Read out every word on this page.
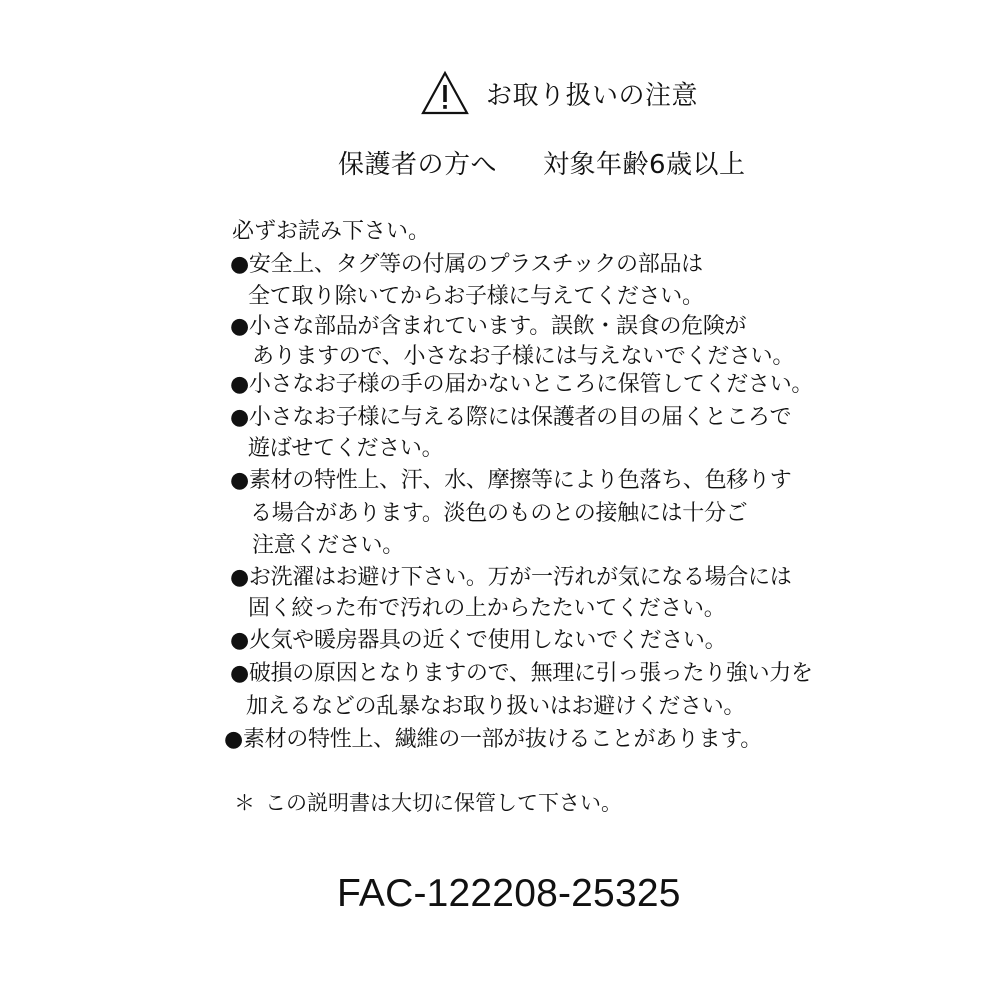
お取り扱いの注意
保護者の方へ 対象年齢6歳以上
必ずお読み下さい。
●安全上、タグ等の付属のプラスチックの部品は
全て取り除いてからお子様に与えてください。
●小さな部品が含まれています。誤飲・誤食の危険が
ありますので、小さなお子様には与えないでください。
●小さなお子様の手の届かないところに保管してください。
●小さなお子様に与える際には保護者の目の届くところで
遊ばせてください。
●素材の特性上、汗、水、摩擦等により色落ち、色移りす
る場合があります。淡色のものとの接触には十分ご
注意ください。
●お洗濯はお避け下さい。万が一汚れが気になる場合には
固く絞った布で汚れの上からたたいてください。
●火気や暖房器具の近くで使用しないでください。
●破損の原因となりますので、無理に引っ張ったり強い力を
加えるなどの乱暴なお取り扱いはお避けください。
●素材の特性上、繊維の一部が抜けることがあります。
＊ この説明書は大切に保管して下さい。
FAC-122208-25325
